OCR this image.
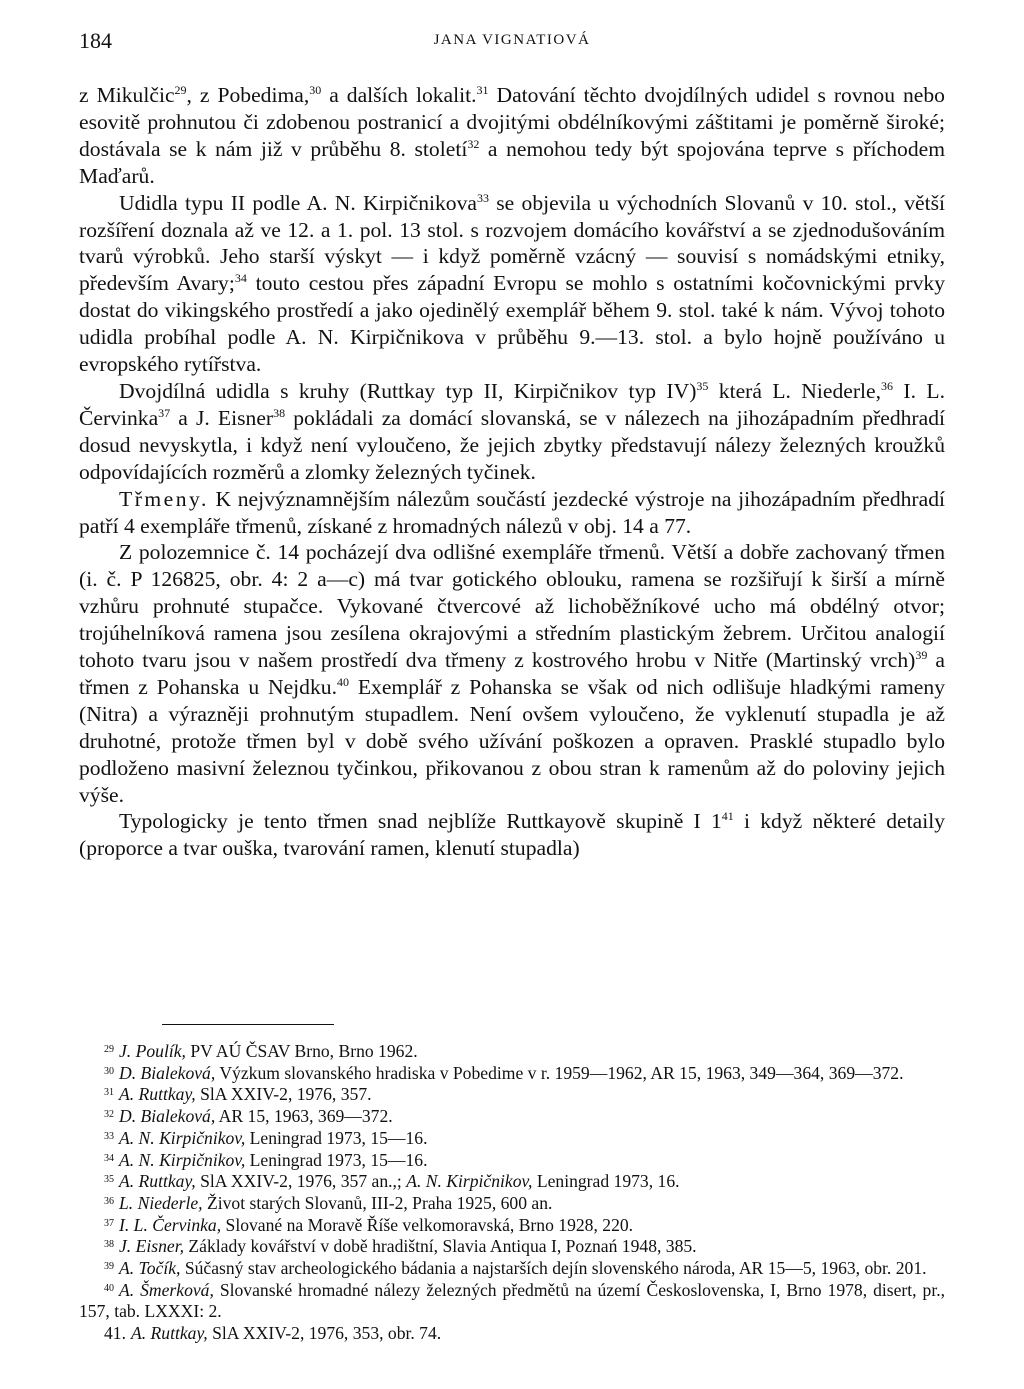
184	JANA VIGNATIOVÁ

z Mikulčic$^{29}$, z Pobedima,$^{30}$ a dalších lokalit.$^{31}$ Datování těchto dvojdílných udidel s rovnou nebo esovitě prohnutou či zdobenou postranicí a dvojitými obdélníkovými záštitami je poměrně široké; dostávala se k nám již v průběhu 8. století$^{32}$ a nemohou tedy být spojována teprve s příchodem Maďarů.

Udidla typu II podle A. N. Kirpičnikova$^{33}$ se objevila u východních Slovanů v 10. stol., větší rozšíření doznala až ve 12. a 1. pol. 13 stol. s rozvojem domácího kovářství a se zjednodušováním tvarů výrobků. Jeho starší výskyt — i když poměrně vzácný — souvisí s nomádskými etniky, především Avary;$^{34}$ touto cestou přes západní Evropu se mohlo s ostatními kočovnickými prvky dostat do vikingského prostředí a jako ojedinělý exemplář během 9. stol. také k nám. Vývoj tohoto udidla probíhal podle A. N. Kirpičnikova v průběhu 9.—13. stol. a bylo hojně používáno u evropského rytířstva.

Dvojdílná udidla s kruhy (Ruttkay typ II, Kirpičnikov typ IV)$^{35}$ která L. Niederle,$^{36}$ I. L. Červinka$^{37}$ a J. Eisner$^{38}$ pokládali za domácí slovanská, se v nálezech na jihozápadním předhradí dosud nevyskytla, i když není vyloučeno, že jejich zbytky představují nálezy železných kroužků odpovídajících rozměrů a zlomky železných tyčinek.

Třmeny. K nejvýznamnějším nálezům součástí jezdecké výstroje na jihozápadním předhradí patří 4 exempláře třmenů, získané z hromadných nálezů v obj. 14 a 77.

Z polozemnice č. 14 pocházejí dva odlišné exempláře třmenů. Větší a dobře zachovaný třmen (i. č. P 126825, obr. 4: 2 a—c) má tvar gotického oblouku, ramena se rozšiřují k širší a mírně vzhůru prohnuté stupačce. Vykované čtvercové až lichoběžníkové ucho má obdélný otvor; trojúhelníková ramena jsou zesílena okrajovými a středním plastickým žebrem. Určitou analogií tohoto tvaru jsou v našem prostředí dva třmeny z kostrového hrobu v Nitře (Martinský vrch)$^{39}$ a třmen z Pohanska u Nejdku.$^{40}$ Exemplář z Pohanska se však od nich odlišuje hladkými rameny (Nitra) a výrazněji prohnutým stupadlem. Není ovšem vyloučeno, že vyklenutí stupadla je až druhotné, protože třmen byl v době svého užívání poškozen a opraven. Prasklé stupadlo bylo podloženo masivní železnou tyčinkou, přikovanou z obou stran k ramenům až do poloviny jejich výše.

Typologicky je tento třmen snad nejblíže Ruttkayově skupině I $1^{41}$ i když některé detaily (proporce a tvar ouška, tvarování ramen, klenutí stupadla)

$^{29}$ J. Poulík, PV AÚ ČSAV Brno, Brno 1962.

$^{30}$ D. Bialeková, Výzkum slovanského hradiska v Pobedime v r. 1959—1962, AR 15, 1963, 349—364, 369—372.

$^{31}$ A. Ruttkay, SlA XXIV-2, 1976, 357.

$^{32}$ D. Bialeková, AR 15, 1963, 369—372.

$^{33}$ A. N. Kirpičnikov, Leningrad 1973, 15—16.

$^{34}$ A. N. Kirpičnikov, Leningrad 1973, 15—16.

$^{35}$ A. Ruttkay, SlA XXIV-2, 1976, 357 an.,; A. N. Kirpičnikov, Leningrad 1973, 16.

$^{36}$ L. Niederle, Život starých Slovanů, III-2, Praha 1925, 600 an.

$^{37}$ I. L. Červinka, Slované na Moravě Říše velkomoravská, Brno 1928, 220.

$^{38}$ J. Eisner, Základy kovářství v době hradištní, Slavia Antiqua I, Poznań 1948, 385.

$^{39}$ A. Točík, Súčasný stav archeologického bádania a najstarších dejín slovenského národa, AR 15—5, 1963, obr. 201.

$^{40}$ A. Šmerková, Slovanské hromadné nálezy železných předmětů na území Československa, I, Brno 1978, disert, pr., 157, tab. LXXXI: 2.

41. A. Ruttkay, SlA XXIV-2, 1976, 353, obr. 74.
